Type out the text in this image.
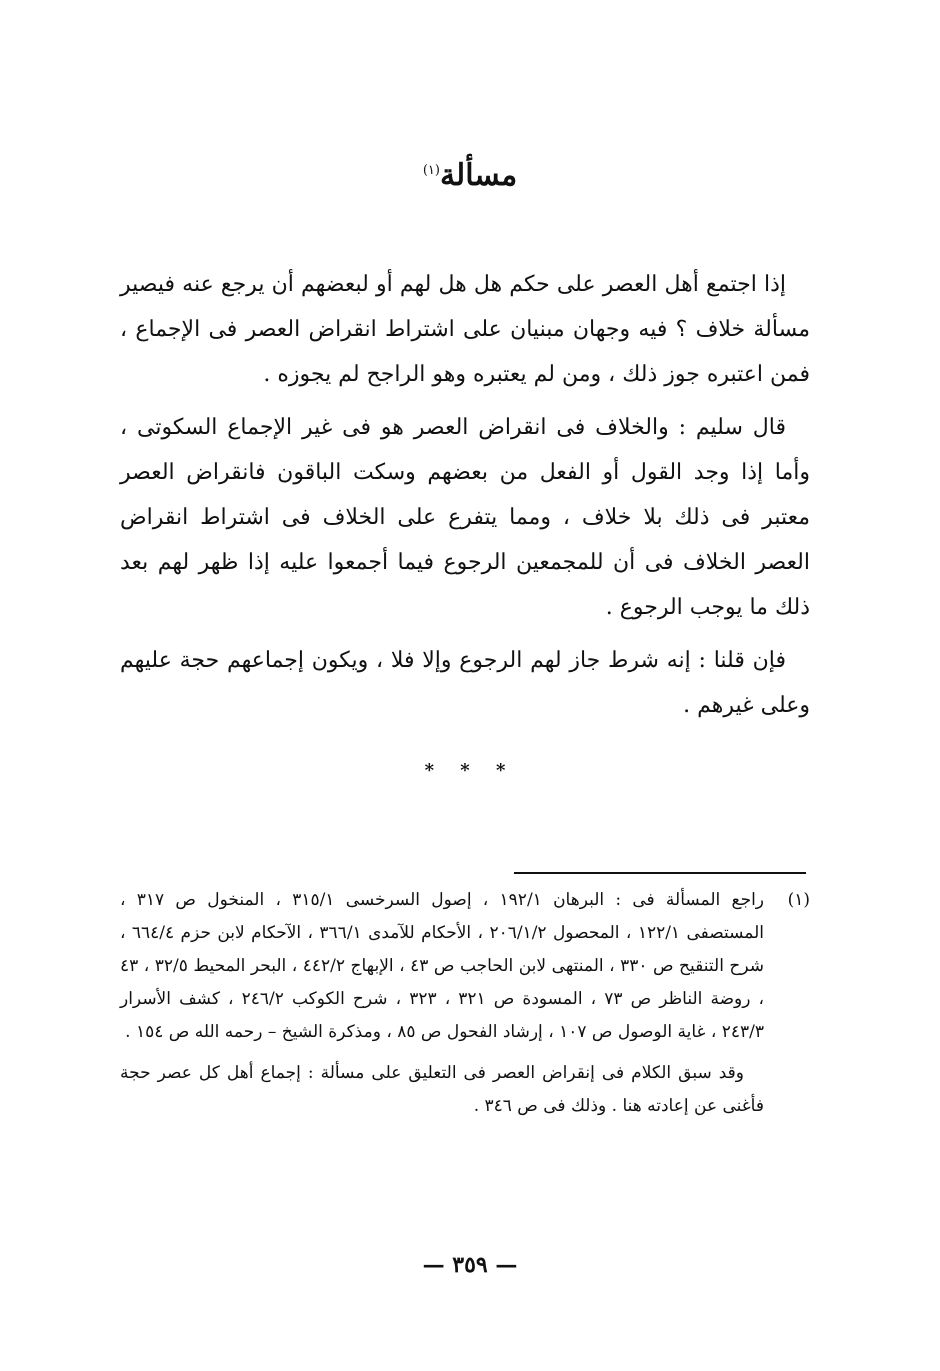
مسألة$^{(١)}$

إذا اجتمع أهل العصر على حكم هل هل لهم أو لبعضهم أن يرجع عنه فيصير مسألة خلاف ؟ فيه وجهان مبنيان على اشتراط انقراض العصر فى الإجماع ، فمن اعتبره جوز ذلك ، ومن لم يعتبره وهو الراجح لم يجوزه .

قال سليم : والخلاف فى انقراض العصر هو فى غير الإجماع السكوتى ، وأما إذا وجد القول أو الفعل من بعضهم وسكت الباقون فانقراض العصر معتبر فى ذلك بلا خلاف ، ومما يتفرع على الخلاف فى اشتراط انقراض العصر الخلاف فى أن للمجمعين الرجوع فيما أجمعوا عليه إذا ظهر لهم بعد ذلك ما يوجب الرجوع .

فإن قلنا : إنه شرط جاز لهم الرجوع وإلا فلا ، ويكون إجماعهم حجة عليهم وعلى غيرهم .

* * *
(١)
راجع المسألة فى : البرهان ١٩٢/١ ، إصول السرخسى ٣١٥/١ ، المنخول ص ٣١٧ ، المستصفى ١٢٢/١ ، المحصول ٢٠٦/١/٢ ، الأحكام للآمدى ٣٦٦/١ ، الآحكام لابن حزم ٦٦٤/٤ ، شرح التنقيح ص ٣٣٠ ، المنتهى لابن الحاجب ص ٤٣ ، الإبهاج ٤٤٢/٢ ، البحر المحيط ٣٢/٥ ، ٤٣ ، روضة الناظر ص ٧٣ ، المسودة ص ٣٢١ ، ٣٢٣ ، شرح الكوكب ٢٤٦/٢ ، كشف الأسرار ٢٤٣/٣ ، غاية الوصول ص ١٠٧ ، إرشاد الفحول ص ٨٥ ، ومذكرة الشيخ – رحمه الله ص ١٥٤ .
وقد سبق الكلام فى إنقراض العصر فى التعليق على مسألة : إجماع أهل كل عصر حجة فأغنى عن إعادته هنا . وذلك فى ص ٣٤٦ .
— ٣٥٩ —
